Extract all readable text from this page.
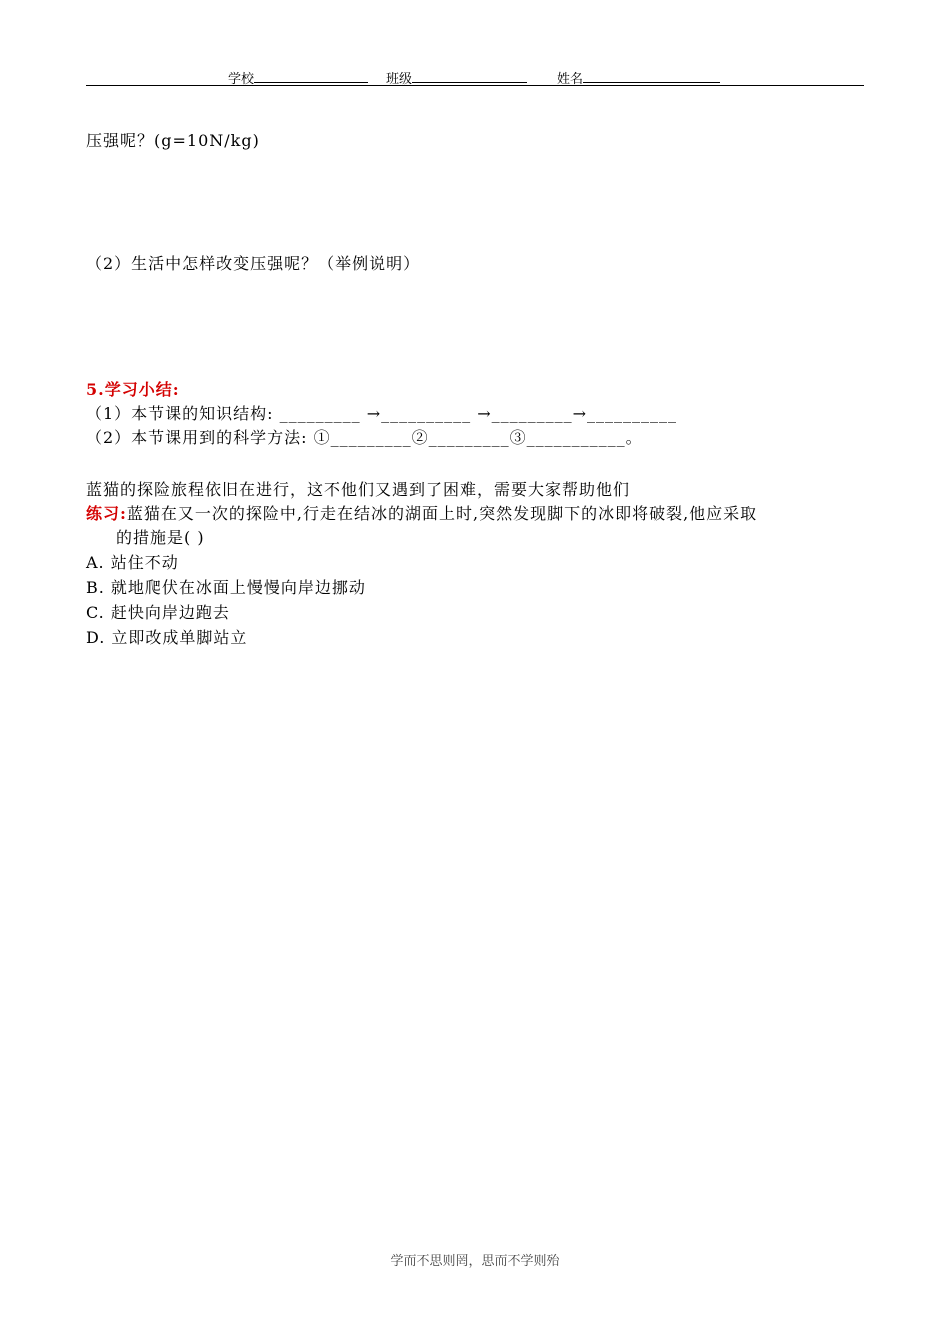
学校	班级	姓名
压强呢？(g=10N/kg)
（2）生活中怎样改变压强呢？（举例说明）
5.学习小结:
（1）本节课的知识结构: _________ →__________ →_________→__________
（2）本节课用到的科学方法: ①_________②_________③___________。
蓝猫的探险旅程依旧在进行，这不他们又遇到了困难，需要大家帮助他们
练习:蓝猫在又一次的探险中,行走在结冰的湖面上时,突然发现脚下的冰即将破裂,他应采取
的措施是( )
A. 站住不动
B. 就地爬伏在冰面上慢慢向岸边挪动
C. 赶快向岸边跑去
D. 立即改成单脚站立
学而不思则罔，思而不学则殆
